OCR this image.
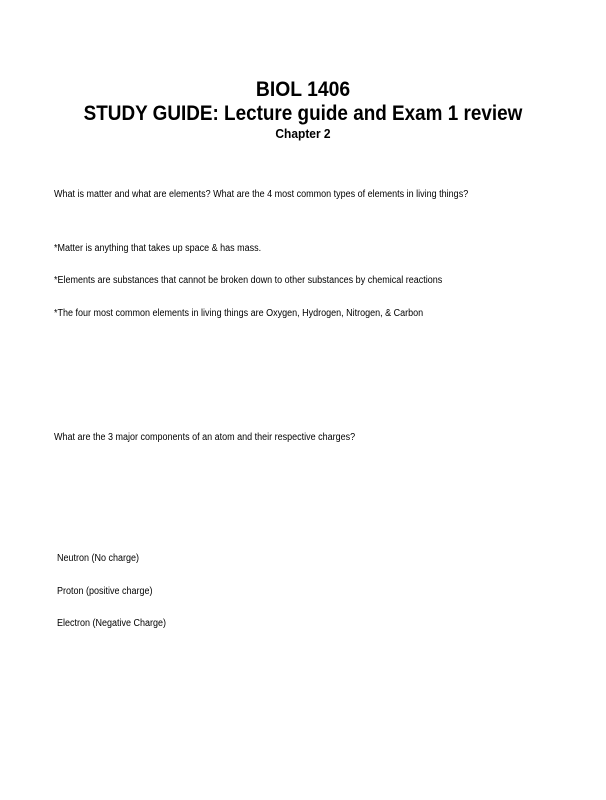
BIOL 1406
STUDY GUIDE: Lecture guide and Exam 1 review
Chapter 2
What is matter and what are elements? What are the 4 most common types of elements in living things?
*Matter is anything that takes up space & has mass.
*Elements are substances that cannot be broken down to other substances by chemical reactions
*The four most common elements in living things are Oxygen, Hydrogen, Nitrogen, & Carbon
What are the 3 major components of an atom and their respective charges?
Neutron (No charge)
Proton (positive charge)
Electron (Negative Charge)
